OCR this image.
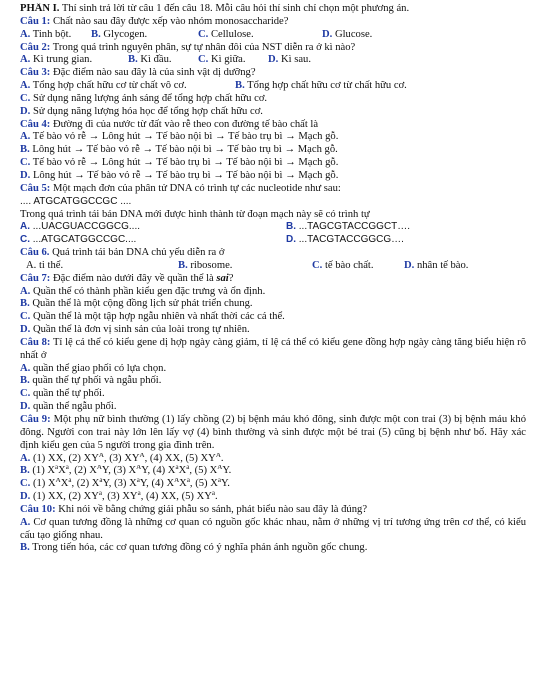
PHẦN I. Thí sinh trả lời từ câu 1 đến câu 18. Mỗi câu hỏi thí sinh chỉ chọn một phương án.
Câu 1: Chất nào sau đây được xếp vào nhóm monosaccharide?
A. Tinh bột.	B. Glycogen.	C. Cellulose.	D. Glucose.
Câu 2: Trong quá trình nguyên phân, sự tự nhân đôi của NST diễn ra ở kì nào?
A. Kì trung gian.	B. Kì đầu.	C. Kì giữa.	D. Kì sau.
Câu 3: Đặc điểm nào sau đây là của sinh vật dị dưỡng?
A. Tổng hợp chất hữu cơ từ chất vô cơ.	B. Tổng hợp chất hữu cơ từ chất hữu cơ.
C. Sử dụng năng lượng ánh sáng để tổng hợp chất hữu cơ.
D. Sử dụng năng lượng hóa học để tổng hợp chất hữu cơ.
Câu 4: Đường đi của nước từ đất vào rễ theo con đường tế bào chất là
A. Tế bào vỏ rễ → Lông hút → Tế bào nội bì → Tế bào trụ bì → Mạch gỗ.
B. Lông hút → Tế bào vỏ rễ → Tế bào nội bì → Tế bào trụ bì → Mạch gỗ.
C. Tế bào vỏ rễ → Lông hút → Tế bào trụ bì → Tế bào nội bì → Mạch gỗ.
D. Lông hút → Tế bào vỏ rễ → Tế bào trụ bì → Tế bào nội bì → Mạch gỗ.
Câu 5: Một mạch đơn của phân tử DNA có trình tự các nucleotide như sau:
.... ATGCATGGCCGC ....
Trong quá trình tái bản DNA mới được hình thành từ đoạn mạch này sẽ có trình tự
A. ...UACGUACCGGCG....	B. ...TAGCGTACCGGCT….
C. ...ATGCATGGCCGC....	D. ...TACGTACCGGCG….
Câu 6. Quá trình tái bản DNA chủ yếu diễn ra ở
A. ti thể.	B. ribosome.	C. tế bào chất.	D. nhân tế bào.
Câu 7: Đặc điểm nào dưới đây về quần thể là sai?
A. Quần thể có thành phần kiểu gen đặc trưng và ổn định.
B. Quần thể là một cộng đồng lịch sử phát triển chung.
C. Quần thể là một tập hợp ngẫu nhiên và nhất thời các cá thể.
D. Quần thể là đơn vị sinh sản của loài trong tự nhiên.
Câu 8: Tỉ lệ cá thể có kiểu gene dị hợp ngày càng giảm, tỉ lệ cá thể có kiểu gene đồng hợp ngày càng tăng biểu hiện rõ nhất ở
A. quần thể giao phối có lựa chọn.
B. quần thể tự phối và ngẫu phối.
C. quần thể tự phối.
D. quần thể ngẫu phối.
Câu 9: Một phụ nữ bình thường (1) lấy chồng (2) bị bệnh máu khó đông, sinh được một con trai (3) bị bệnh máu khó đông. Người con trai này lớn lên lấy vợ (4) bình thường và sinh được một bé trai (5) cũng bị bệnh như bố. Hãy xác định kiểu gen của 5 người trong gia đình trên.
A. (1) XX, (2) $XY^A$, (3) $XY^A$, (4) XX, (5) $XY^A$.
B. (1) $X^aX^a$, (2) $X^AY$, (3) $X^AY$, (4) $X^aX^a$, (5) $X^AY$.
C. (1) $X^AX^a$, (2) $X^aY$, (3) $X^aY$, (4) $X^AX^a$, (5) $X^aY$.
D. (1) XX, (2) $XY^a$, (3) $XY^a$, (4) XX, (5) $XY^a$.
Câu 10: Khi nói về bằng chứng giải phẫu so sánh, phát biểu nào sau đây là đúng?
A. Cơ quan tương đồng là những cơ quan có nguồn gốc khác nhau, nằm ở những vị trí tương ứng trên cơ thể, có kiểu cấu tạo giống nhau.
B. Trong tiến hóa, các cơ quan tương đồng có ý nghĩa phản ánh nguồn gốc chung.
